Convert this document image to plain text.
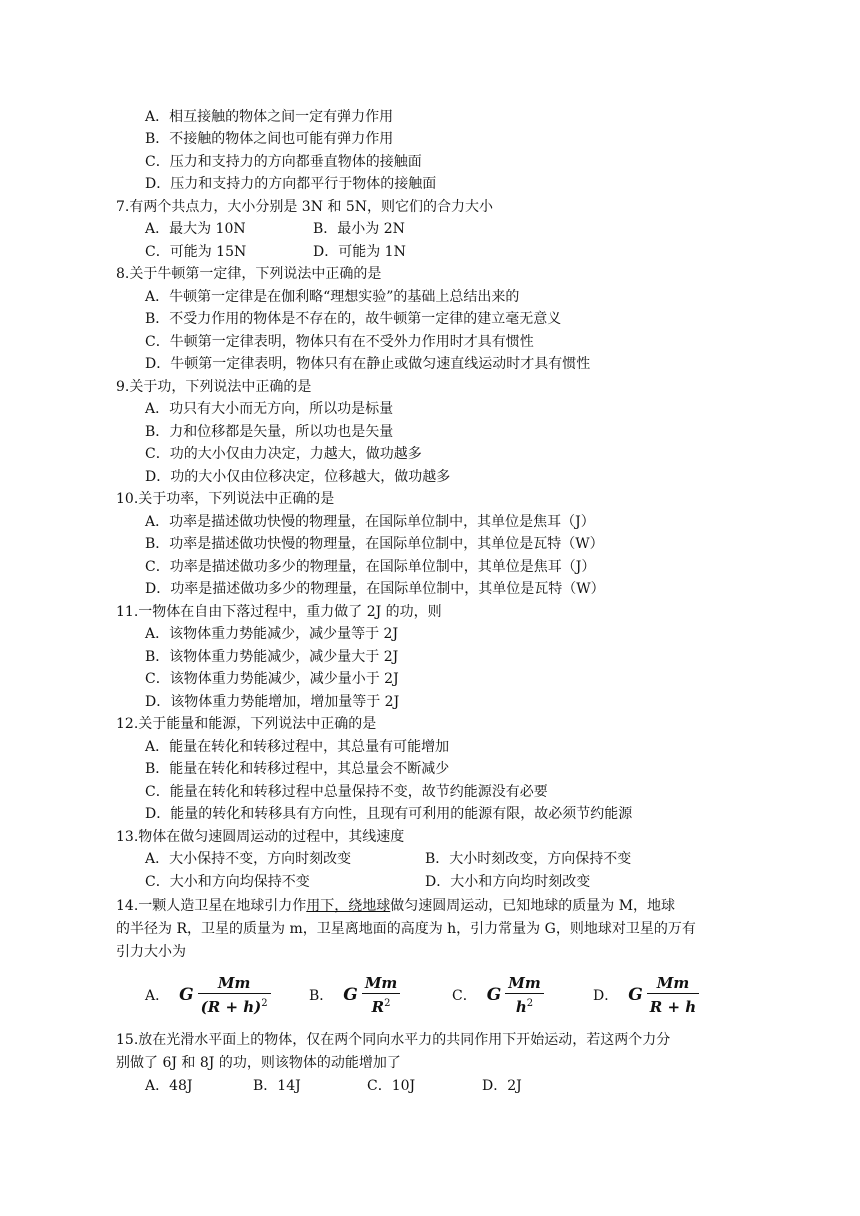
A．相互接触的物体之间一定有弹力作用
B．不接触的物体之间也可能有弹力作用
C．压力和支持力的方向都垂直物体的接触面
D．压力和支持力的方向都平行于物体的接触面
7.有两个共点力，大小分别是 3N 和 5N，则它们的合力大小
A．最大为 10N	B．最小为 2N
C．可能为 15N	D．可能为 1N
8.关于牛顿第一定律，下列说法中正确的是
A．牛顿第一定律是在伽利略“理想实验”的基础上总结出来的
B．不受力作用的物体是不存在的，故牛顿第一定律的建立毫无意义
C．牛顿第一定律表明，物体只有在不受外力作用时才具有惯性
D．牛顿第一定律表明，物体只有在静止或做匀速直线运动时才具有惯性
9.关于功，下列说法中正确的是
A．功只有大小而无方向，所以功是标量
B．力和位移都是矢量，所以功也是矢量
C．功的大小仅由力决定，力越大，做功越多
D．功的大小仅由位移决定，位移越大，做功越多
10.关于功率，下列说法中正确的是
A．功率是描述做功快慢的物理量，在国际单位制中，其单位是焦耳（J）
B．功率是描述做功快慢的物理量，在国际单位制中，其单位是瓦特（W）
C．功率是描述做功多少的物理量，在国际单位制中，其单位是焦耳（J）
D．功率是描述做功多少的物理量，在国际单位制中，其单位是瓦特（W）
11.一物体在自由下落过程中，重力做了 2J 的功，则
A．该物体重力势能减少，减少量等于 2J
B．该物体重力势能减少，减少量大于 2J
C．该物体重力势能减少，减少量小于 2J
D．该物体重力势能增加，增加量等于 2J
12.关于能量和能源，下列说法中正确的是
A．能量在转化和转移过程中，其总量有可能增加
B．能量在转化和转移过程中，其总量会不断减少
C．能量在转化和转移过程中总量保持不变，故节约能源没有必要
D．能量的转化和转移具有方向性，且现有可利用的能源有限，故必须节约能源
13.物体在做匀速圆周运动的过程中，其线速度
A．大小保持不变，方向时刻改变	B．大小时刻改变，方向保持不变
C．大小和方向均保持不变	D．大小和方向均时刻改变
14.一颗人造卫星在地球引力作用下，绕地球做匀速圆周运动，已知地球的质量为 M，地球
的半径为 R，卫星的质量为 m，卫星离地面的高度为 h，引力常量为 G，则地球对卫星的万有
引力大小为
A． G $\frac{Mm}{(R + h)^2}$	B． G $\frac{Mm}{R^2}$	C． G $\frac{Mm}{h^2}$	D． G $\frac{Mm}{R + h}$
15.放在光滑水平面上的物体，仅在两个同向水平力的共同作用下开始运动，若这两个力分
别做了 6J 和 8J 的功，则该物体的动能增加了
A．48J	B．14J	C．10J	D．2J
